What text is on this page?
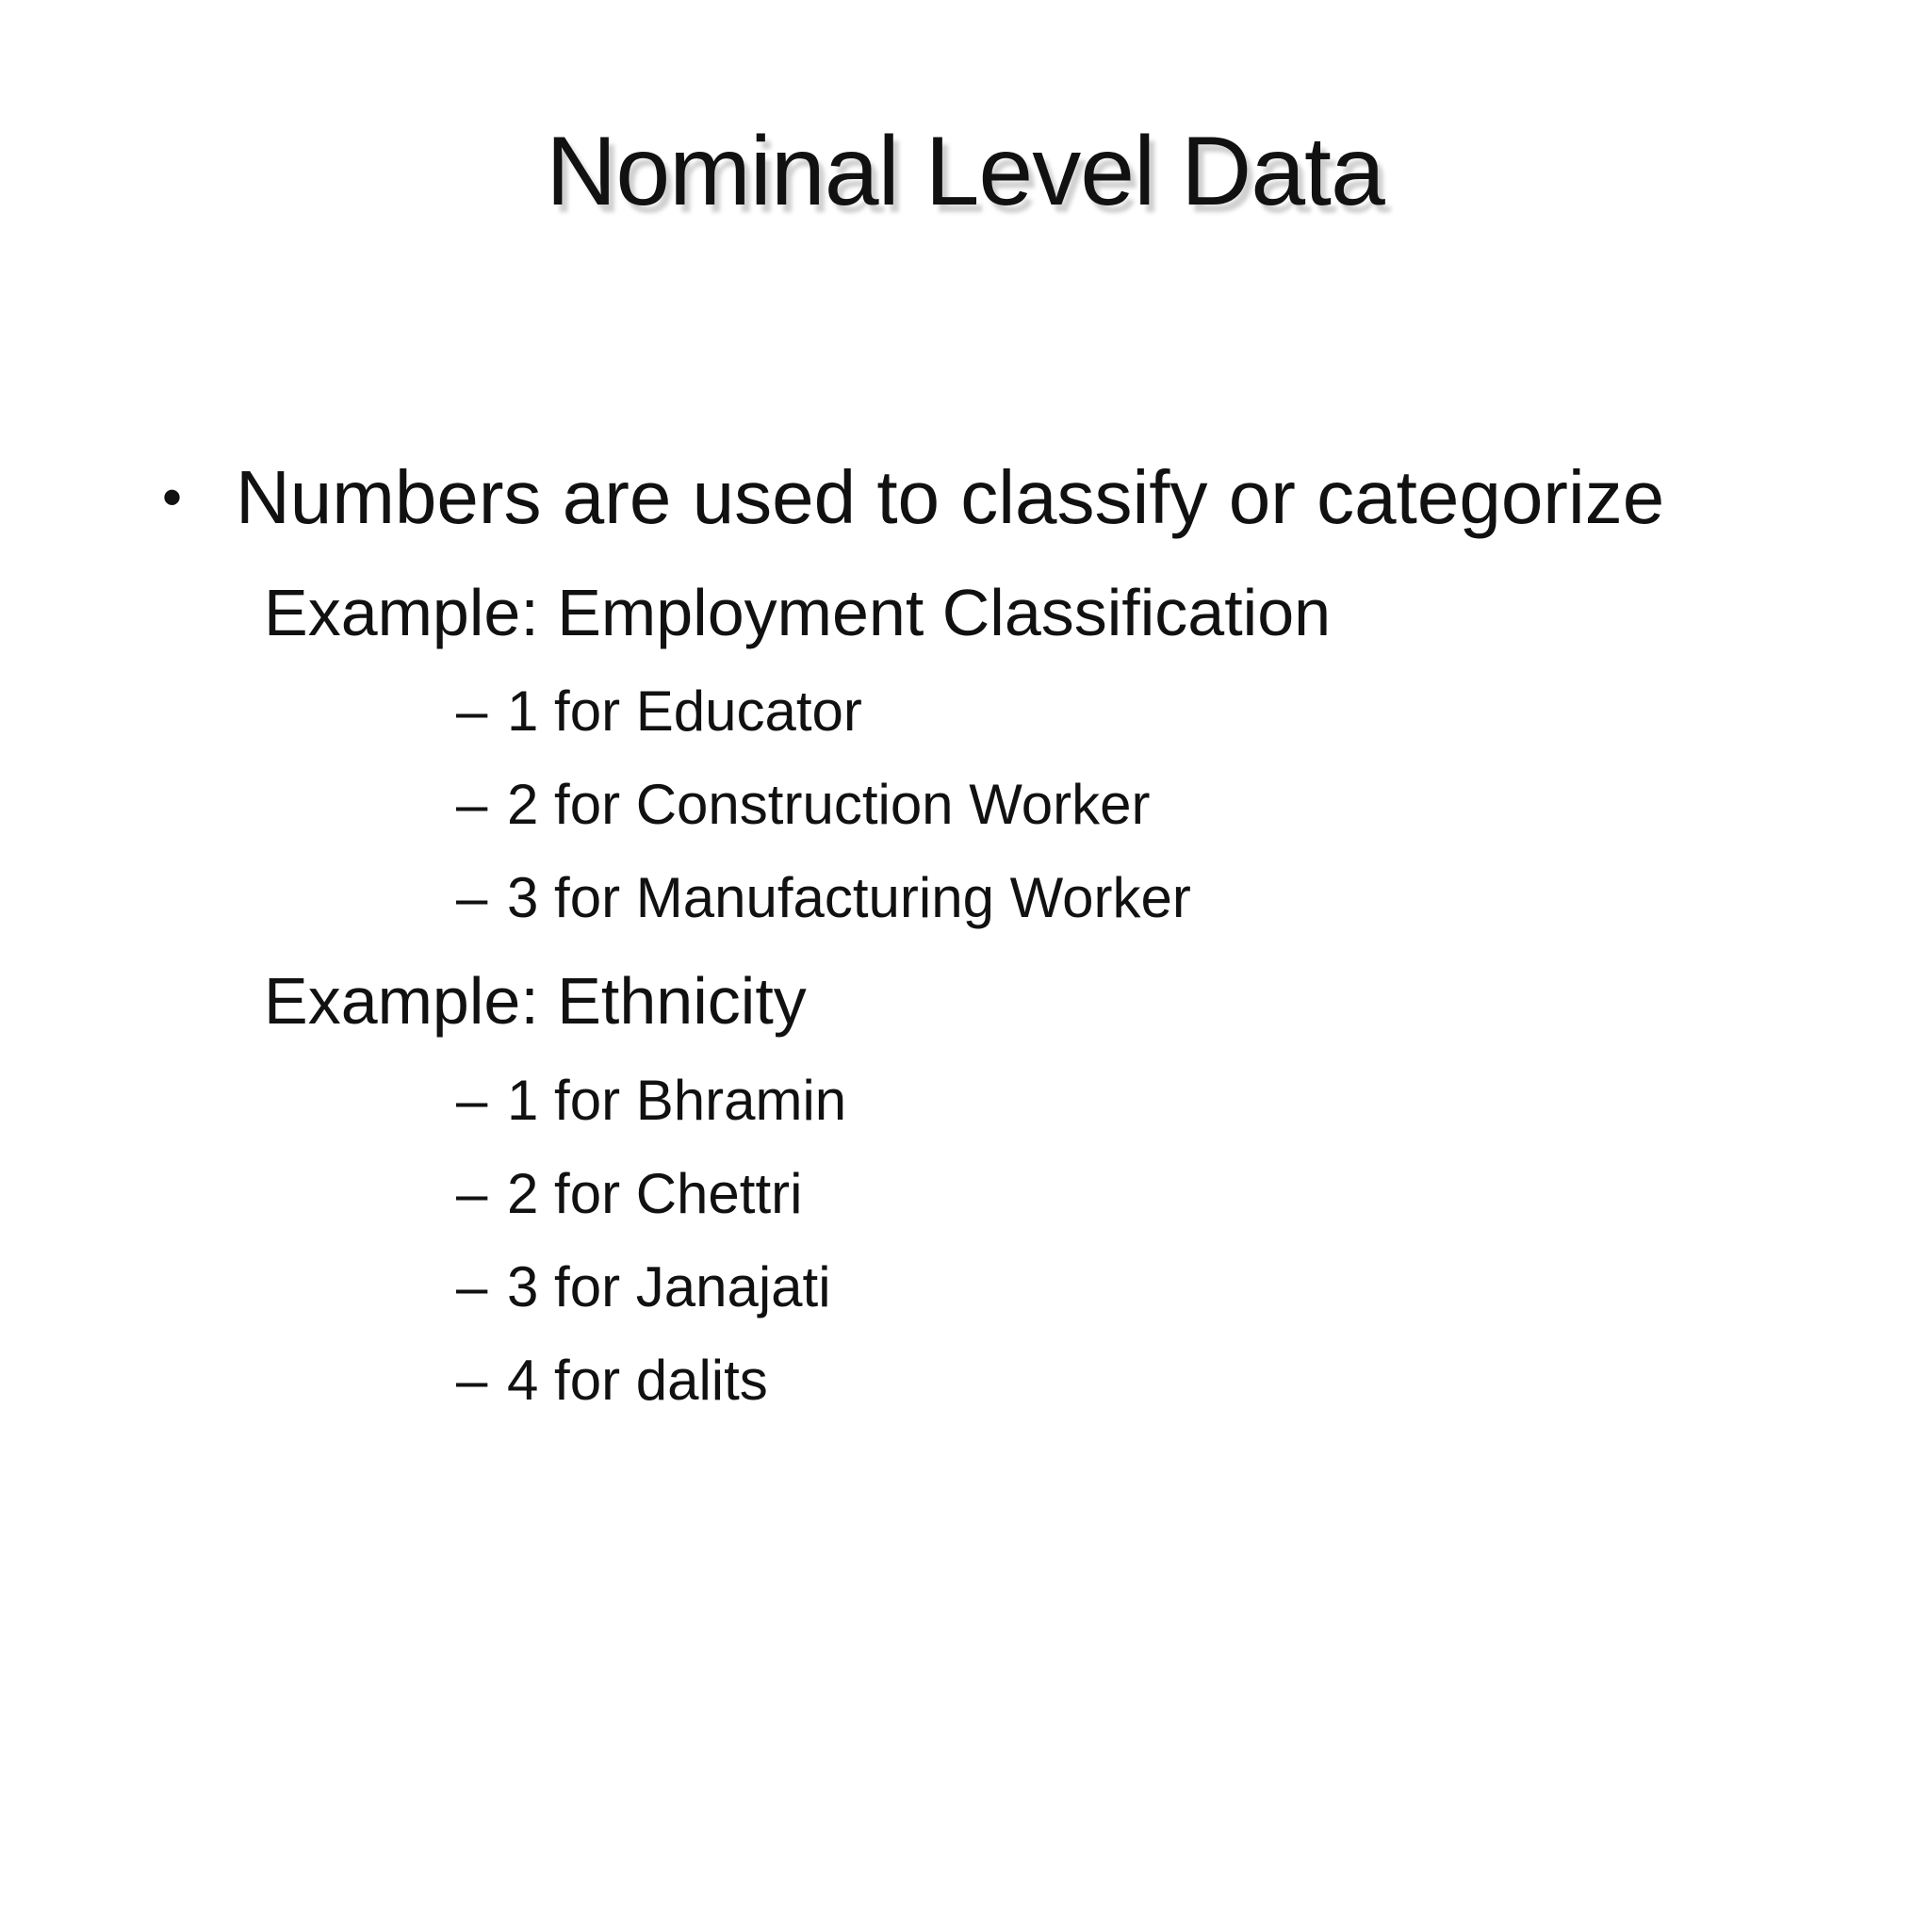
Nominal Level Data
• Numbers are used to classify or categorize
Example: Employment Classification
– 1 for Educator
– 2 for Construction Worker
– 3 for Manufacturing Worker
Example: Ethnicity
– 1 for Bhramin
– 2 for Chettri
– 3 for Janajati
– 4 for dalits
